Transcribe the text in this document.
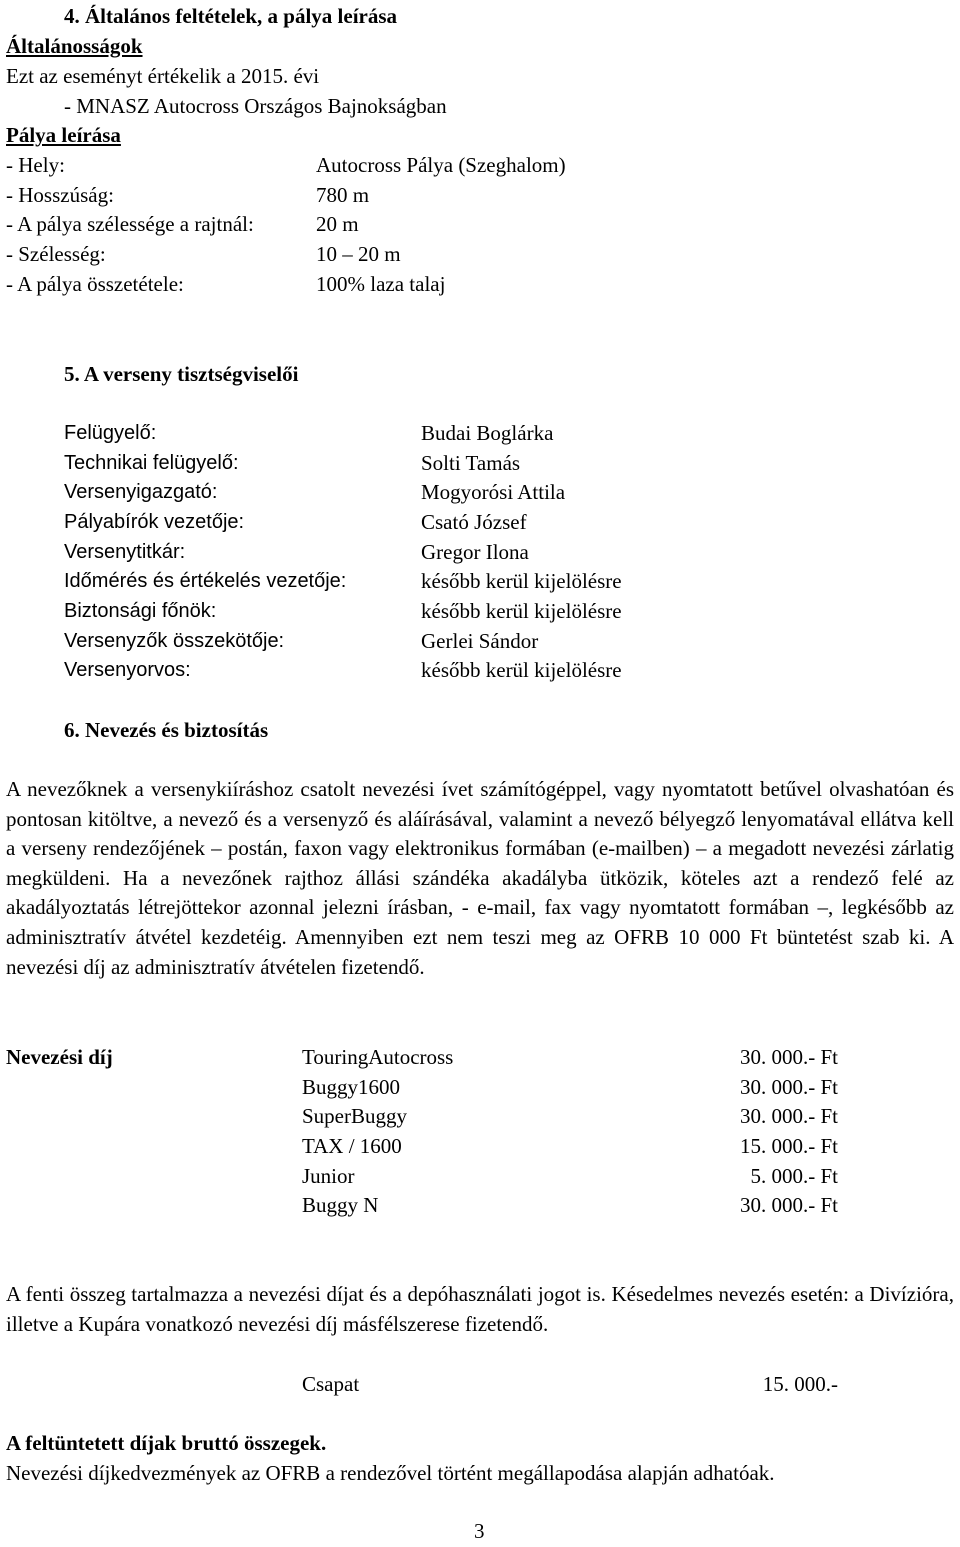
4. Általános feltételek, a pálya leírása
Általánosságok
Ezt az eseményt értékelik a 2015. évi
- MNASZ Autocross Országos Bajnokságban
Pálya leírása
- Hely:	Autocross Pálya (Szeghalom)
- Hosszúság:	780 m
- A pálya szélessége a rajtnál:	20 m
- Szélesség:	10 – 20 m
- A pálya összetétele:	100% laza talaj
5. A verseny tisztségviselői
Felügyelő:	Budai Boglárka
Technikai felügyelő:	Solti Tamás
Versenyigazgató:	Mogyorósi Attila
Pályabírók vezetője:	Csató József
Versenytitkár:	Gregor Ilona
Időmérés és értékelés vezetője:	később kerül kijelölésre
Biztonsági főnök:	később kerül kijelölésre
Versenyzők összekötője:	Gerlei Sándor
Versenyorvos:	később kerül kijelölésre
6. Nevezés és biztosítás
A nevezőknek a versenykiíráshoz csatolt nevezési ívet számítógéppel, vagy nyomtatott betűvel olvashatóan és pontosan kitöltve, a nevező és a versenyző és aláírásával, valamint a nevező bélyegző lenyomatával ellátva kell a verseny rendezőjének – postán, faxon vagy elektronikus formában (e-mailben) – a megadott nevezési zárlatig megküldeni. Ha a nevezőnek rajthoz állási szándéka akadályba ütközik, köteles azt a rendező felé az akadályoztatás létrejöttekor azonnal jelezni írásban, - e-mail, fax vagy nyomtatott formában –, legkésőbb az adminisztratív átvétel kezdetéig. Amennyiben ezt nem teszi meg az OFRB 10 000 Ft büntetést szab ki. A nevezési díj az adminisztratív átvételen fizetendő.
Nevezési díj	TouringAutocross	30. 000.- Ft
Buggy1600	30. 000.- Ft
SuperBuggy	30. 000.- Ft
TAX / 1600	15. 000.- Ft
Junior	5. 000.- Ft
Buggy N	30. 000.- Ft
A fenti összeg tartalmazza a nevezési díjat és a depóhasználati jogot is. Késedelmes nevezés esetén: a Divízióra, illetve a Kupára vonatkozó nevezési díj másfélszerese fizetendő.
Csapat	15. 000.-
A feltüntetett díjak bruttó összegek.
Nevezési díjkedvezmények az OFRB a rendezővel történt megállapodása alapján adhatóak.
3
